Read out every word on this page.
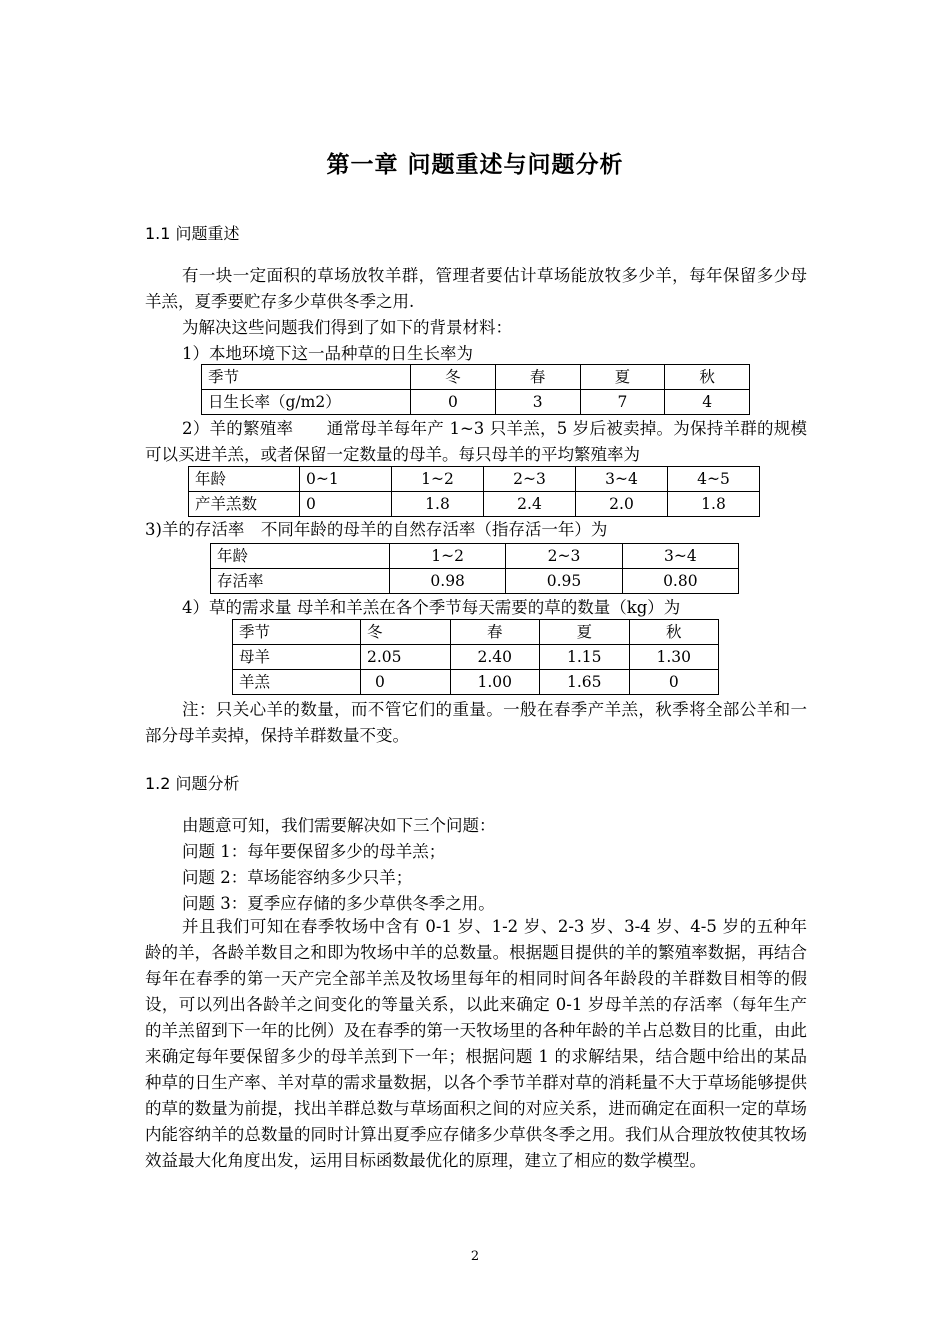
第一章 问题重述与问题分析
1.1 问题重述

有一块一定面积的草场放牧羊群，管理者要估计草场能放牧多少羊，每年保留多少母羊羔，夏季要贮存多少草供冬季之用.

为解决这些问题我们得到了如下的背景材料：

1）本地环境下这一品种草的日生长率为

季节	冬	春	夏	秋
日生长率（g/m2）	0	3	7	4

2）羊的繁殖率　　通常母羊每年产 1~3 只羊羔，5 岁后被卖掉。为保持羊群的规模可以买进羊羔，或者保留一定数量的母羊。每只母羊的平均繁殖率为

年龄	0~1	1~2	2~3	3~4	4~5
产羊羔数	0	1.8	2.4	2.0	1.8

3)羊的存活率　不同年龄的母羊的自然存活率（指存活一年）为

年龄	1~2	2~3	3~4
存活率	0.98	0.95	0.80

4）草的需求量 母羊和羊羔在各个季节每天需要的草的数量（kg）为

季节	冬	春	夏	秋
母羊	2.05	2.40	1.15	1.30
羊羔	0	1.00	1.65	0

注：只关心羊的数量，而不管它们的重量。一般在春季产羊羔，秋季将全部公羊和一部分母羊卖掉，保持羊群数量不变。

1.2 问题分析

由题意可知，我们需要解决如下三个问题：

问题 1：每年要保留多少的母羊羔；

问题 2：草场能容纳多少只羊；

问题 3：夏季应存储的多少草供冬季之用。

并且我们可知在春季牧场中含有 0-1 岁、1-2 岁、2-3 岁、3-4 岁、4-5 岁的五种年龄的羊，各龄羊数目之和即为牧场中羊的总数量。根据题目提供的羊的繁殖率数据，再结合每年在春季的第一天产完全部羊羔及牧场里每年的相同时间各年龄段的羊群数目相等的假设，可以列出各龄羊之间变化的等量关系，以此来确定 0-1 岁母羊羔的存活率（每年生产的羊羔留到下一年的比例）及在春季的第一天牧场里的各种年龄的羊占总数目的比重，由此来确定每年要保留多少的母羊羔到下一年；根据问题 1 的求解结果，结合题中给出的某品种草的日生产率、羊对草的需求量数据，以各个季节羊群对草的消耗量不大于草场能够提供的草的数量为前提，找出羊群总数与草场面积之间的对应关系，进而确定在面积一定的草场内能容纳羊的总数量的同时计算出夏季应存储多少草供冬季之用。我们从合理放牧使其牧场效益最大化角度出发，运用目标函数最优化的原理，建立了相应的数学模型。

2
